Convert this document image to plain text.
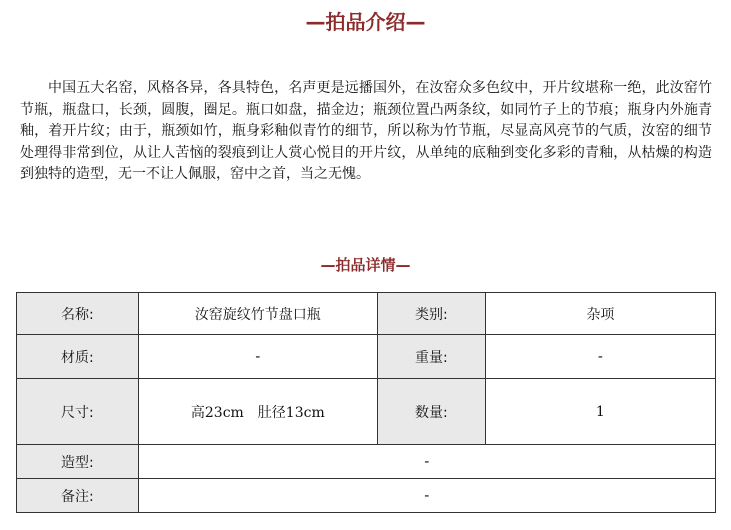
—拍品介绍—

中国五大名窑，风格各异，各具特色，名声更是远播国外，在汝窑众多色纹中，开片纹堪称一绝，此汝窑竹节瓶，瓶盘口，长颈，圆腹，圈足。瓶口如盘，描金边；瓶颈位置凸两条纹，如同竹子上的节痕；瓶身内外施青釉，着开片纹；由于，瓶颈如竹，瓶身彩釉似青竹的细节，所以称为竹节瓶，尽显高风亮节的气质，汝窑的细节处理得非常到位，从让人苦恼的裂痕到让人赏心悦目的开片纹，从单纯的底釉到变化多彩的青釉，从枯燥的构造到独特的造型，无一不让人佩服，窑中之首，当之无愧。

—拍品详情—
名称:	汝窑旋纹竹节盘口瓶	类别:	杂项
材质:	-	重量:	-
尺寸:	高23cm　肚径13cm	数量:	1
造型:	-		
备注:	-		
